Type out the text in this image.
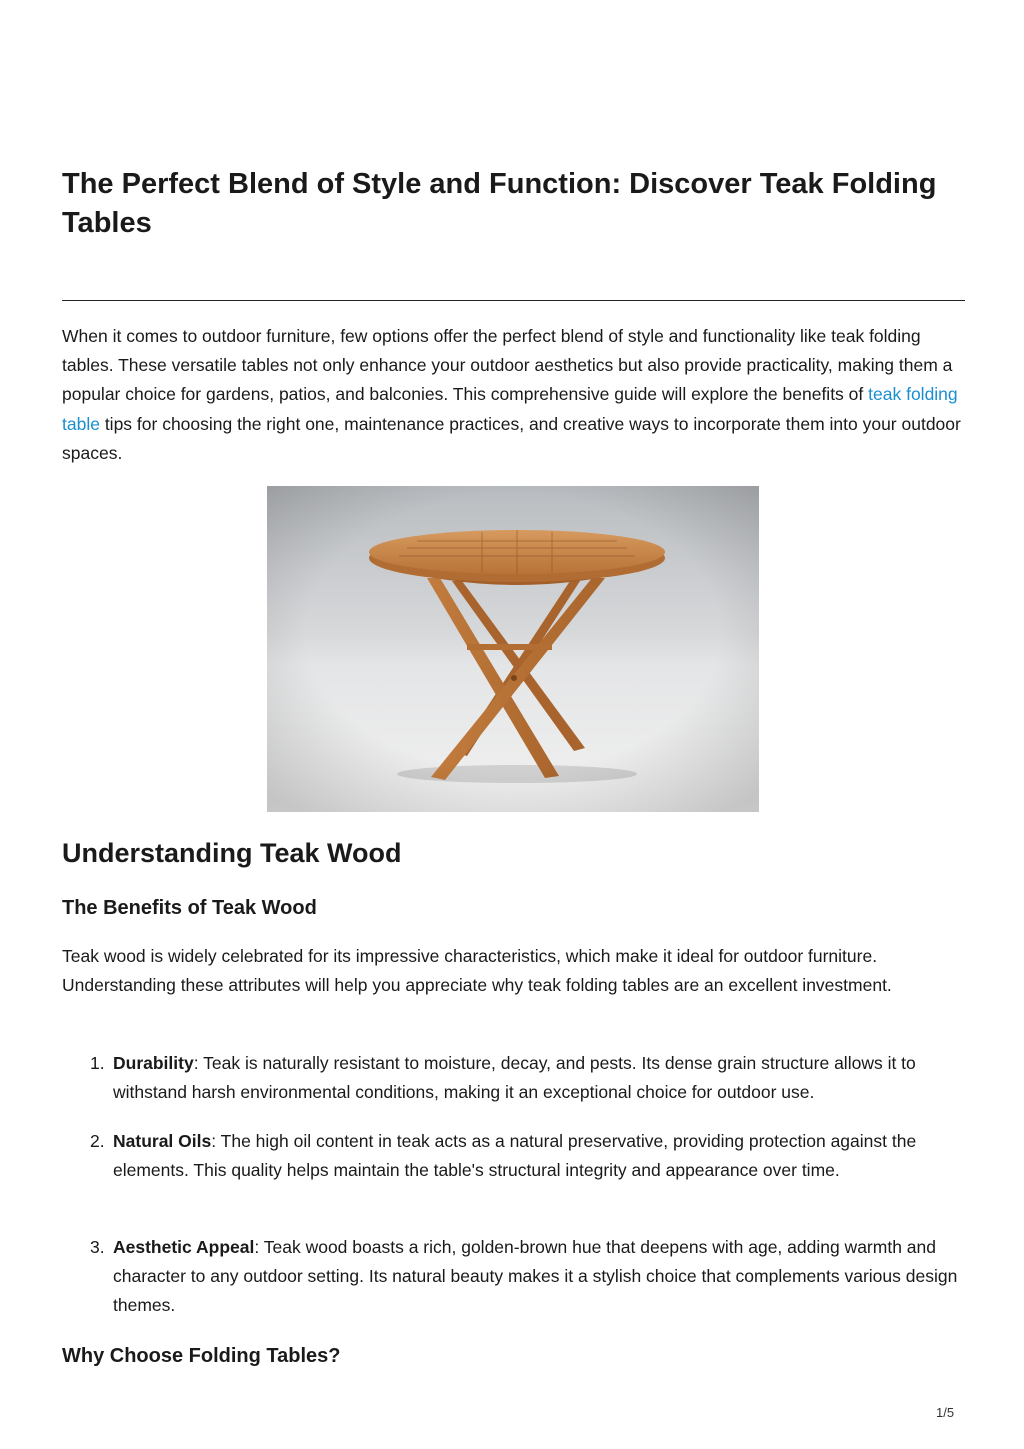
The Perfect Blend of Style and Function: Discover Teak Folding Tables

When it comes to outdoor furniture, few options offer the perfect blend of style and functionality like teak folding tables. These versatile tables not only enhance your outdoor aesthetics but also provide practicality, making them a popular choice for gardens, patios, and balconies. This comprehensive guide will explore the benefits of teak folding table tips for choosing the right one, maintenance practices, and creative ways to incorporate them into your outdoor spaces.

Understanding Teak Wood
The Benefits of Teak Wood

Teak wood is widely celebrated for its impressive characteristics, which make it ideal for outdoor furniture. Understanding these attributes will help you appreciate why teak folding tables are an excellent investment.

1. Durability: Teak is naturally resistant to moisture, decay, and pests. Its dense grain structure allows it to withstand harsh environmental conditions, making it an exceptional choice for outdoor use.
2. Natural Oils: The high oil content in teak acts as a natural preservative, providing protection against the elements. This quality helps maintain the table's structural integrity and appearance over time.
3. Aesthetic Appeal: Teak wood boasts a rich, golden-brown hue that deepens with age, adding warmth and character to any outdoor setting. Its natural beauty makes it a stylish choice that complements various design themes.
Why Choose Folding Tables?
1/5
